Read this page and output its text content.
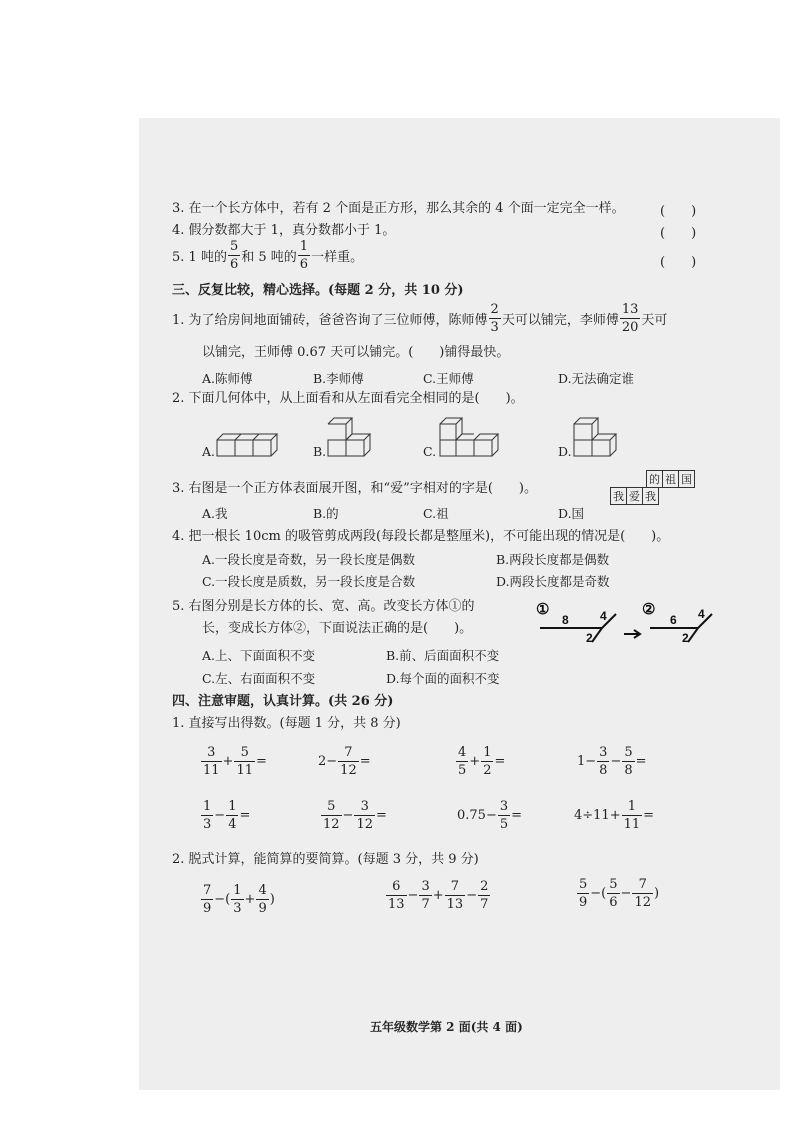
3. 在一个长方体中，若有 2 个面是正方形，那么其余的 4 个面一定完全一样。	(　　)
4. 假分数都大于 1，真分数都小于 1。	(　　)
5. 1 吨的 $\frac{5}{6}$ 和 5 吨的 $\frac{1}{6}$ 一样重。	(　　)
三、反复比较，精心选择。(每题 2 分，共 10 分)
1. 为了给房间地面铺砖，爸爸咨询了三位师傅，陈师傅 $\frac{2}{3}$ 天可以铺完，李师傅 $\frac{13}{20}$ 天可
以铺完，王师傅 0.67 天可以铺完。(　　)铺得最快。
A.陈师傅	B.李师傅	C.王师傅	D.无法确定谁
2. 下面几何体中，从上面看和从左面看完全相同的是(　　)。
A.	B.	C.	D.
3. 右图是一个正方体表面展开图，和“爱”字相对的字是(　　)。
的	祖	国
我	爱	我
A.我	B.的	C.祖	D.国
4. 把一根长 10cm 的吸管剪成两段(每段长都是整厘米)，不可能出现的情况是(　　)。
A.一段长度是奇数，另一段长度是偶数	B.两段长度都是偶数
C.一段长度是质数，另一段长度是合数	D.两段长度都是奇数
5. 右图分别是长方体的长、宽、高。改变长方体①的
长，变成长方体②，下面说法正确的是(　　)。
①
8
2
4 ②
6
2
4
A.上、下面面积不变	B.前、后面面积不变
C.左、右面面积不变	D.每个面的面积不变
四、注意审题，认真计算。(共 26 分)
1. 直接写出得数。(每题 1 分，共 8 分)
$\frac{3}{11} + \frac{5}{11}$ =	$2- \frac{7}{12}$ =	$\frac{4}{5} + \frac{1}{2}$ =	$1- \frac{3}{8} - \frac{5}{8}$ =
$\frac{1}{3} - \frac{1}{4}$ =	$\frac{5}{12} - \frac{3}{12}$ =	$0.75- \frac{3}{5}$ =	$4\div 11+ \frac{1}{11}$ =
2. 脱式计算，能简算的要简算。(每题 3 分，共 9 分)
$\frac{7}{9}$ −( $\frac{1}{3} + \frac{4}{9}$ )	$\frac{6}{13} - \frac{3}{7} + \frac{7}{13} - \frac{2}{7}$	$\frac{5}{9}$ −( $\frac{5}{6} - \frac{7}{12}$ )
五年级数学第 2 面(共 4 面)
